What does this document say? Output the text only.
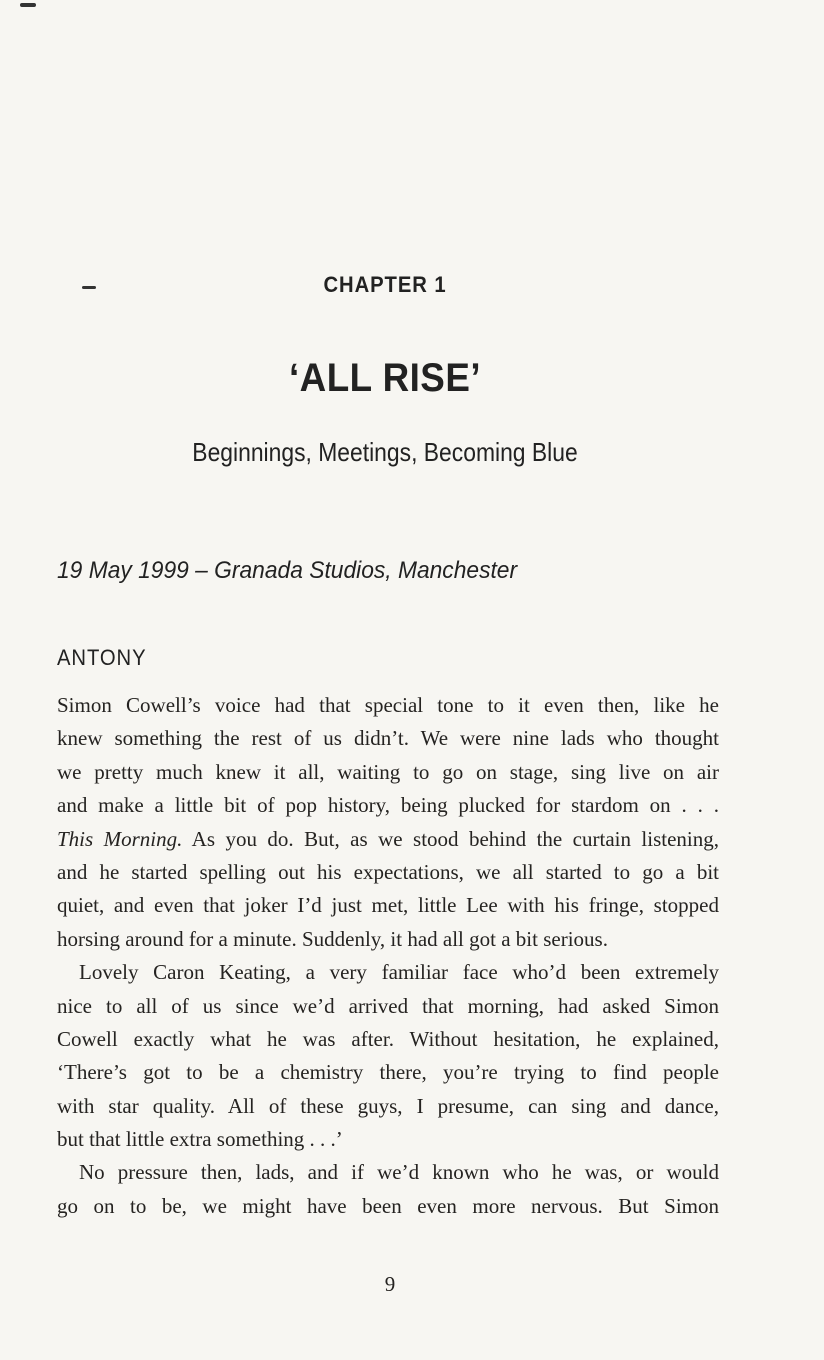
CHAPTER 1
‘ALL RISE’
Beginnings, Meetings, Becoming Blue
19 May 1999 – Granada Studios, Manchester
ANTONY
Simon Cowell’s voice had that special tone to it even then, like he
knew something the rest of us didn’t. We were nine lads who thought
we pretty much knew it all, waiting to go on stage, sing live on air
and make a little bit of pop history, being plucked for stardom on . . .
This Morning. As you do. But, as we stood behind the curtain listening,
and he started spelling out his expectations, we all started to go a bit
quiet, and even that joker I’d just met, little Lee with his fringe, stopped
horsing around for a minute. Suddenly, it had all got a bit serious.
Lovely Caron Keating, a very familiar face who’d been extremely
nice to all of us since we’d arrived that morning, had asked Simon
Cowell exactly what he was after. Without hesitation, he explained,
‘There’s got to be a chemistry there, you’re trying to find people
with star quality. All of these guys, I presume, can sing and dance,
but that little extra something . . .’
No pressure then, lads, and if we’d known who he was, or would
go on to be, we might have been even more nervous. But Simon
9
